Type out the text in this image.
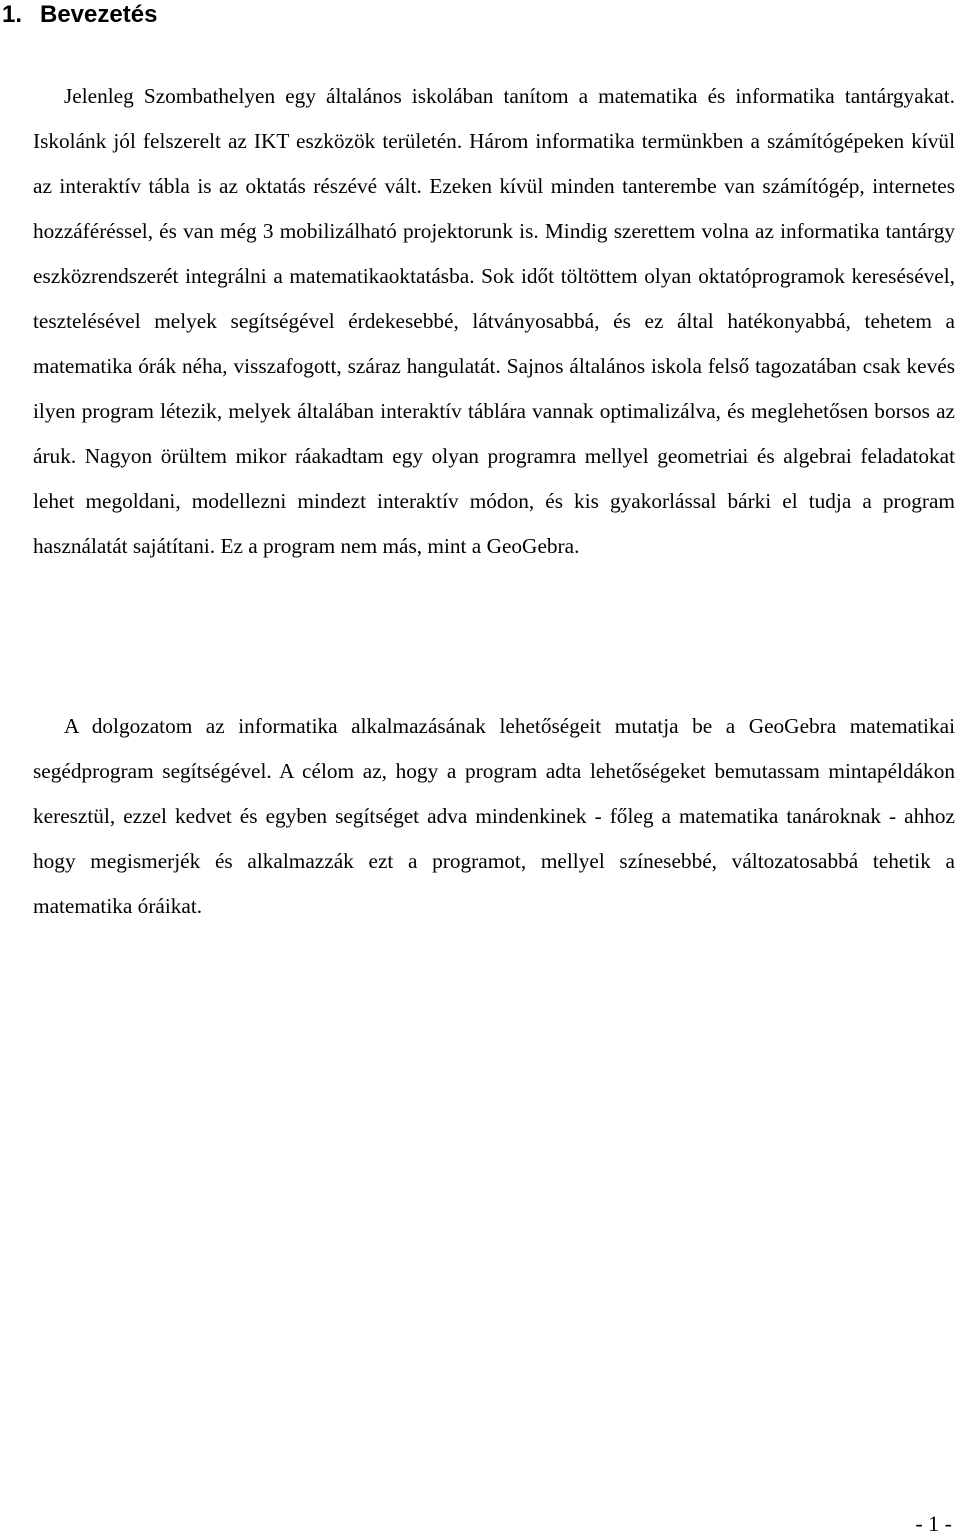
1. Bevezetés

Jelenleg Szombathelyen egy általános iskolában tanítom a matematika és informatika tantárgyakat. Iskolánk jól felszerelt az IKT eszközök területén. Három informatika termünkben a számítógépeken kívül az interaktív tábla is az oktatás részévé vált. Ezeken kívül minden tanterembe van számítógép, internetes hozzáféréssel, és van még 3 mobilizálható projektorunk is. Mindig szerettem volna az informatika tantárgy eszközrendszerét integrálni a matematikaoktatásba. Sok időt töltöttem olyan oktatóprogramok keresésével, tesztelésével melyek segítségével érdekesebbé, látványosabbá, és ez által hatékonyabbá, tehetem a matematika órák néha, visszafogott, száraz hangulatát. Sajnos általános iskola felső tagozatában csak kevés ilyen program létezik, melyek általában interaktív táblára vannak optimalizálva, és meglehetősen borsos az áruk. Nagyon örültem mikor ráakadtam egy olyan programra mellyel geometriai és algebrai feladatokat lehet megoldani, modellezni mindezt interaktív módon, és kis gyakorlással bárki el tudja a program használatát sajátítani. Ez a program nem más, mint a GeoGebra.

A dolgozatom az informatika alkalmazásának lehetőségeit mutatja be a GeoGebra matematikai segédprogram segítségével. A célom az, hogy a program adta lehetőségeket bemutassam mintapéldákon keresztül, ezzel kedvet és egyben segítséget adva mindenkinek - főleg a matematika tanároknak - ahhoz hogy megismerjék és alkalmazzák ezt a programot, mellyel színesebbé, változatosabbá tehetik a matematika óráikat.

- 1 -
